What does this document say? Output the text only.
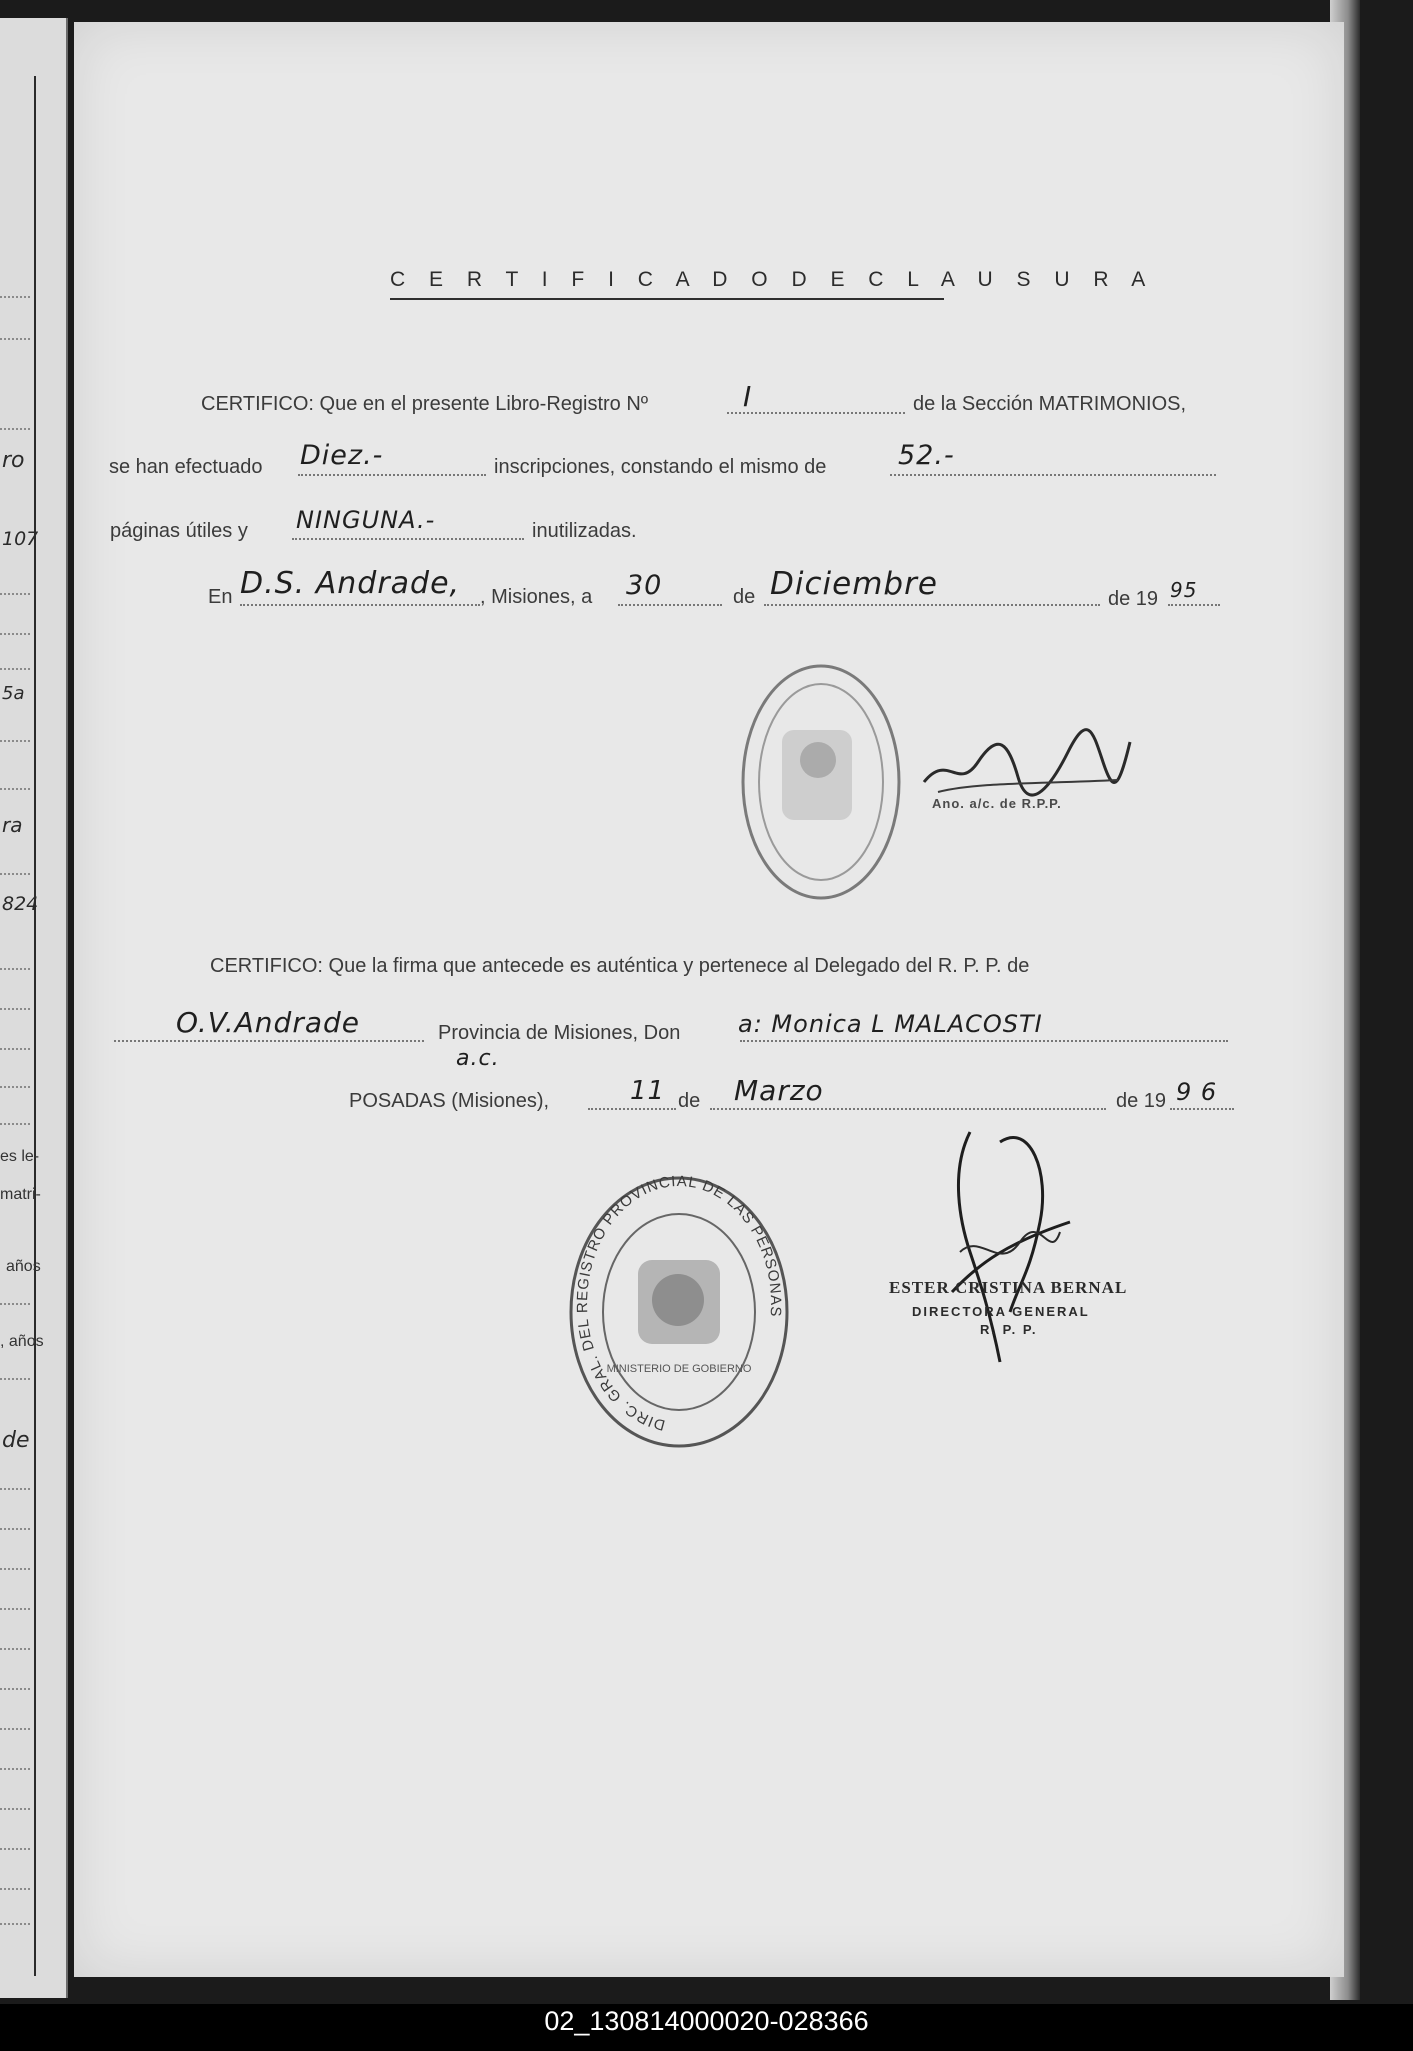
ro
107
5a
ra
824
es le-
matri-
años
, años
de
C E R T I F I C A D O D E C L A U S U R A
CERTIFICO: Que en el presente Libro-Registro Nº	I	de la Sección MATRIMONIOS,
se han efectuado Diez.-	inscripciones, constando el mismo de	52.-
páginas útiles y NINGUNA.-	inutilizadas.
En D.S. Andrade, , Misiones, a 30	de Diciembre	de 19 95
Ano. a/c. de R.P.P.
CERTIFICO: Que la firma que antecede es auténtica y pertenece al Delegado del R. P. P. de
O.V.Andrade	Provincia de Misiones, Don a: Monica L MALACOSTI
a.c.
POSADAS (Misiones),	11 de Marzo	de 19 9 6
DIRC. GRAL. DEL REGISTRO PROVINCIAL DE LAS PERSONAS
MINISTERIO DE GOBIERNO
ESTER CRISTINA BERNAL
DIRECTORA GENERAL
R. P. P.
02_130814000020-028366
